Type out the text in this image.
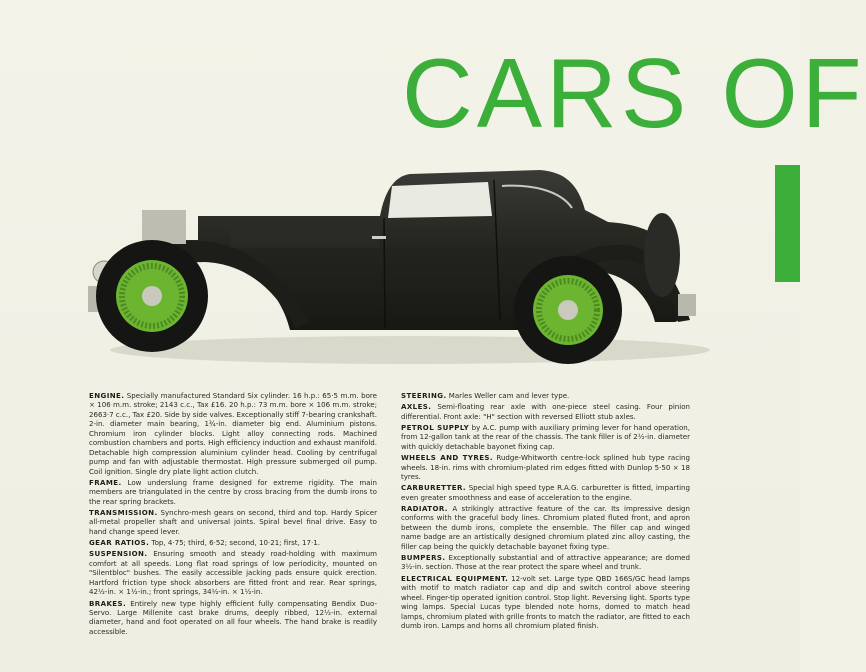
CARS OF

ENGINE. Specially manufactured Standard Six cylinder. 16 h.p.: 65·5 m.m. bore × 106 m.m. stroke; 2143 c.c., Tax £16. 20 h.p.: 73 m.m. bore × 106 m.m. stroke; 2663·7 c.c., Tax £20. Side by side valves. Exceptionally stiff 7-bearing crankshaft. 2-in. diameter main bearing, 1¾-in. diameter big end. Aluminium pistons. Chromium iron cylinder blocks. Light alloy connecting rods. Machined combustion chambers and ports. High efficiency induction and exhaust manifold. Detachable high compression aluminium cylinder head. Cooling by centrifugal pump and fan with adjustable thermostat. High pressure submerged oil pump. Coil ignition. Single dry plate light action clutch.

FRAME. Low underslung frame designed for extreme rigidity. The main members are triangulated in the centre by cross bracing from the dumb irons to the rear spring brackets.

TRANSMISSION. Synchro-mesh gears on second, third and top. Hardy Spicer all-metal propeller shaft and universal joints. Spiral bevel final drive. Easy to hand change speed lever.

GEAR RATIOS. Top, 4·75; third, 6·52; second, 10·21; first, 17·1.

SUSPENSION. Ensuring smooth and steady road-holding with maximum comfort at all speeds. Long flat road springs of low periodicity, mounted on "Silentbloc" bushes. The easily accessible jacking pads ensure quick erection. Hartford friction type shock absorbers are fitted front and rear. Rear springs, 42½-in. × 1½-in.; front springs, 34½-in. × 1½-in.

BRAKES. Entirely new type highly efficient fully compensating Bendix Duo-Servo. Large Millenite cast brake drums, deeply ribbed, 12½-in. external diameter, hand and foot operated on all four wheels. The hand brake is readily accessible.

STEERING. Marles Weller cam and lever type.

AXLES. Semi-floating rear axle with one-piece steel casing. Four pinion differential. Front axle: "H" section with reversed Elliott stub axles.

PETROL SUPPLY by A.C. pump with auxiliary priming lever for hand operation, from 12-gallon tank at the rear of the chassis. The tank filler is of 2½-in. diameter with quickly detachable bayonet fixing cap.

WHEELS AND TYRES. Rudge-Whitworth centre-lock splined hub type racing wheels. 18-in. rims with chromium-plated rim edges fitted with Dunlop 5·50 × 18 tyres.

CARBURETTER. Special high speed type R.A.G. carburetter is fitted, imparting even greater smoothness and ease of acceleration to the engine.

RADIATOR. A strikingly attractive feature of the car. Its impressive design conforms with the graceful body lines. Chromium plated fluted front, and apron between the dumb irons, complete the ensemble. The filler cap and winged name badge are an artistically designed chromium plated zinc alloy casting, the filler cap being the quickly detachable bayonet fixing type.

BUMPERS. Exceptionally substantial and of attractive appearance; are domed 3½-in. section. Those at the rear protect the spare wheel and trunk.

ELECTRICAL EQUIPMENT. 12-volt set. Large type QBD 166S/GC head lamps with motif to match radiator cap and dip and switch control above steering wheel. Finger-tip operated ignition control. Stop light. Reversing light. Sports type wing lamps. Special Lucas type blended note horns, domed to match head lamps, chromium plated with grille fronts to match the radiator, are fitted to each dumb iron. Lamps and horns all chromium plated finish.
